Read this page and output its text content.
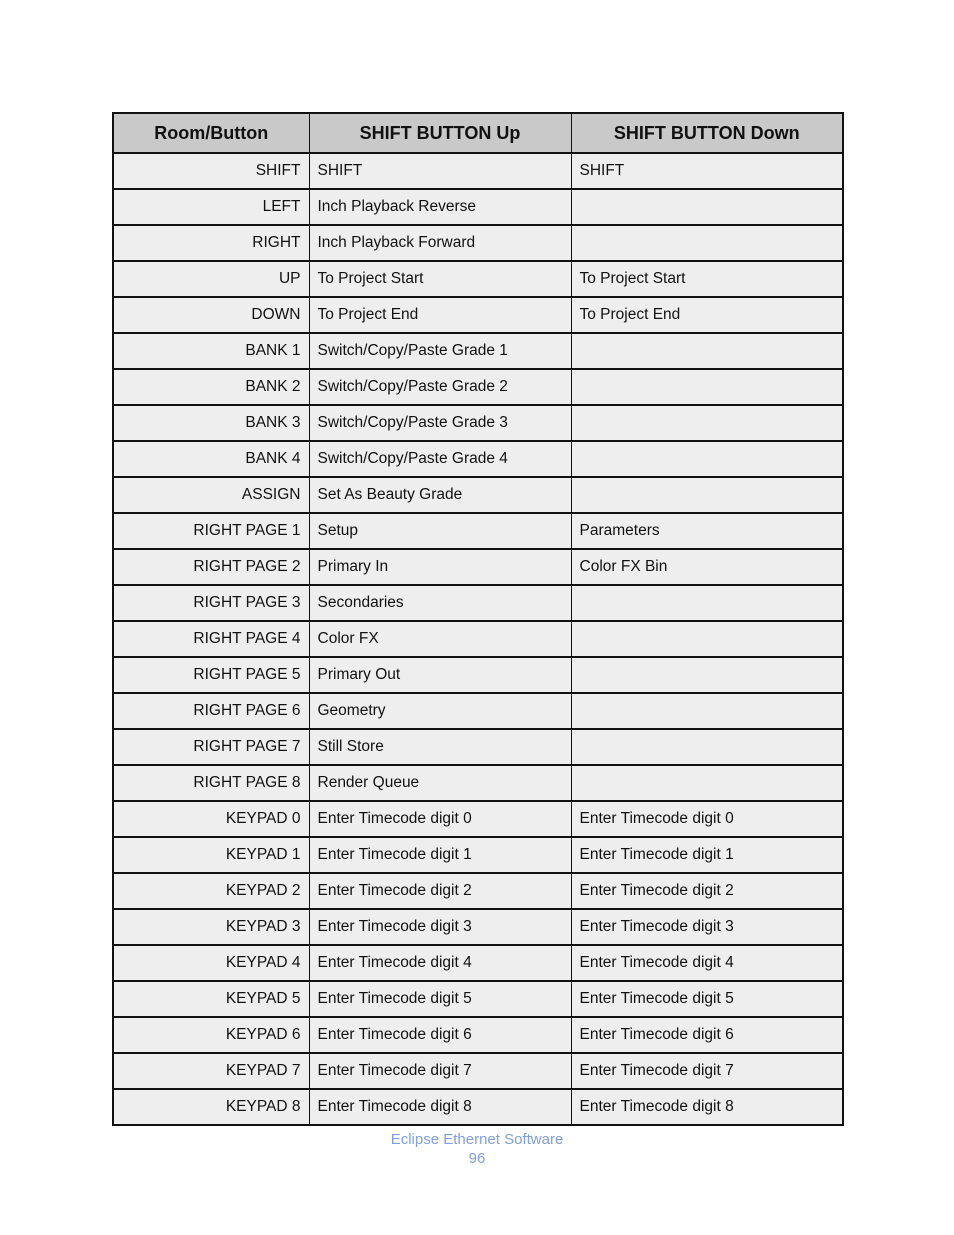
Room/Button	SHIFT BUTTON Up	SHIFT BUTTON Down
SHIFT	SHIFT	SHIFT
LEFT	Inch Playback Reverse	
RIGHT	Inch Playback Forward	
UP	To Project Start	To Project Start
DOWN	To Project End	To Project End
BANK 1	Switch/Copy/Paste Grade 1	
BANK 2	Switch/Copy/Paste Grade 2	
BANK 3	Switch/Copy/Paste Grade 3	
BANK 4	Switch/Copy/Paste Grade 4	
ASSIGN	Set As Beauty Grade	
RIGHT PAGE 1	Setup	Parameters
RIGHT PAGE 2	Primary In	Color FX Bin
RIGHT PAGE 3	Secondaries	
RIGHT PAGE 4	Color FX	
RIGHT PAGE 5	Primary Out	
RIGHT PAGE 6	Geometry	
RIGHT PAGE 7	Still Store	
RIGHT PAGE 8	Render Queue	
KEYPAD 0	Enter Timecode digit 0	Enter Timecode digit 0
KEYPAD 1	Enter Timecode digit 1	Enter Timecode digit 1
KEYPAD 2	Enter Timecode digit 2	Enter Timecode digit 2
KEYPAD 3	Enter Timecode digit 3	Enter Timecode digit 3
KEYPAD 4	Enter Timecode digit 4	Enter Timecode digit 4
KEYPAD 5	Enter Timecode digit 5	Enter Timecode digit 5
KEYPAD 6	Enter Timecode digit 6	Enter Timecode digit 6
KEYPAD 7	Enter Timecode digit 7	Enter Timecode digit 7
KEYPAD 8	Enter Timecode digit 8	Enter Timecode digit 8
Eclipse Ethernet Software
96
